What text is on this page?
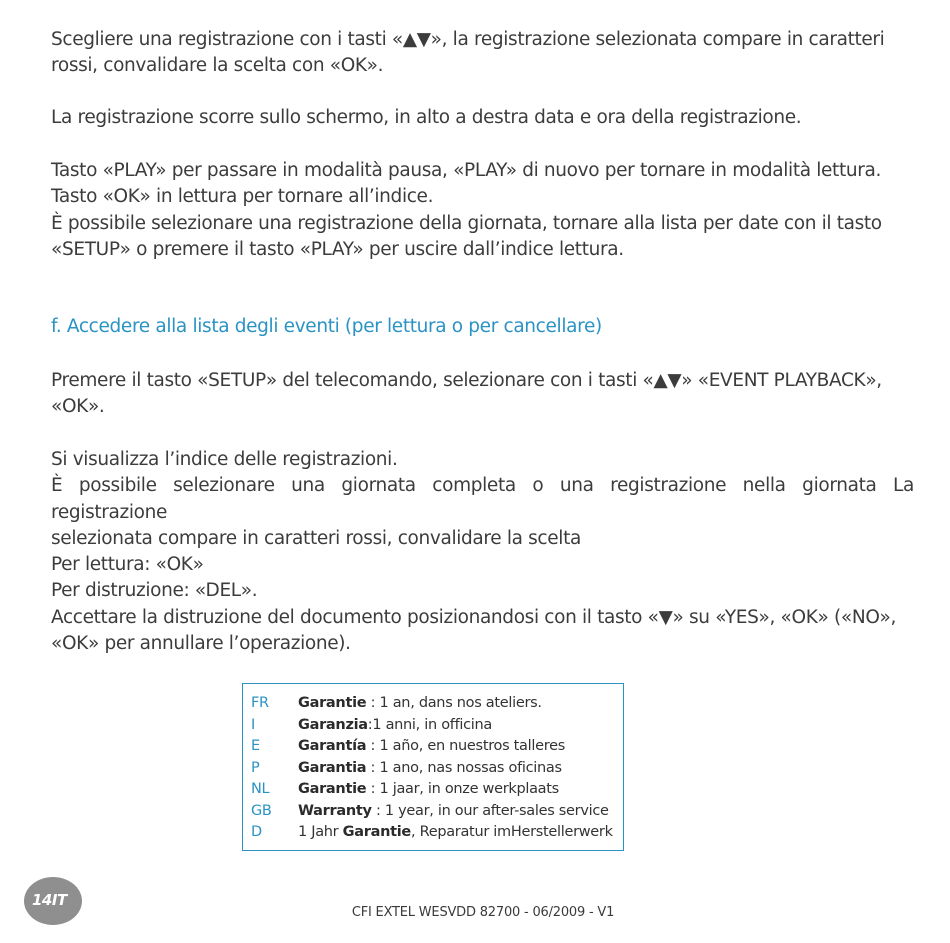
Scegliere una registrazione con i tasti «▲▼», la registrazione selezionata compare in caratteri
rossi, convalidare la scelta con «OK».
La registrazione scorre sullo schermo, in alto a destra data e ora della registrazione.
Tasto «PLAY» per passare in modalità pausa, «PLAY» di nuovo per tornare in modalità lettura.
Tasto «OK» in lettura per tornare all’indice.
È possibile selezionare una registrazione della giornata, tornare alla lista per date con il tasto
«SETUP» o premere il tasto «PLAY» per uscire dall’indice lettura.
f. Accedere alla lista degli eventi (per lettura o per cancellare)
Premere il tasto «SETUP» del telecomando, selezionare con i tasti «▲▼» «EVENT PLAYBACK»,
«OK».
Si visualizza l’indice delle registrazioni.
È possibile selezionare una giornata completa o una registrazione nella giornata La registrazione
selezionata compare in caratteri rossi, convalidare la scelta
Per lettura: «OK»
Per distruzione: «DEL».
Accettare la distruzione del documento posizionandosi con il tasto «▼» su «YES», «OK» («NO»,
«OK» per annullare l’operazione).
FR	Garantie : 1 an, dans nos ateliers.
I	Garanzia:1 anni, in officina
E	Garantía : 1 año, en nuestros talleres
P	Garantia : 1 ano, nas nossas oficinas
NL	Garantie : 1 jaar, in onze werkplaats
GB	Warranty : 1 year, in our after-sales service
D	1 Jahr Garantie, Reparatur imHerstellerwerk
14IT
CFI EXTEL WESVDD 82700 - 06/2009 - V1
